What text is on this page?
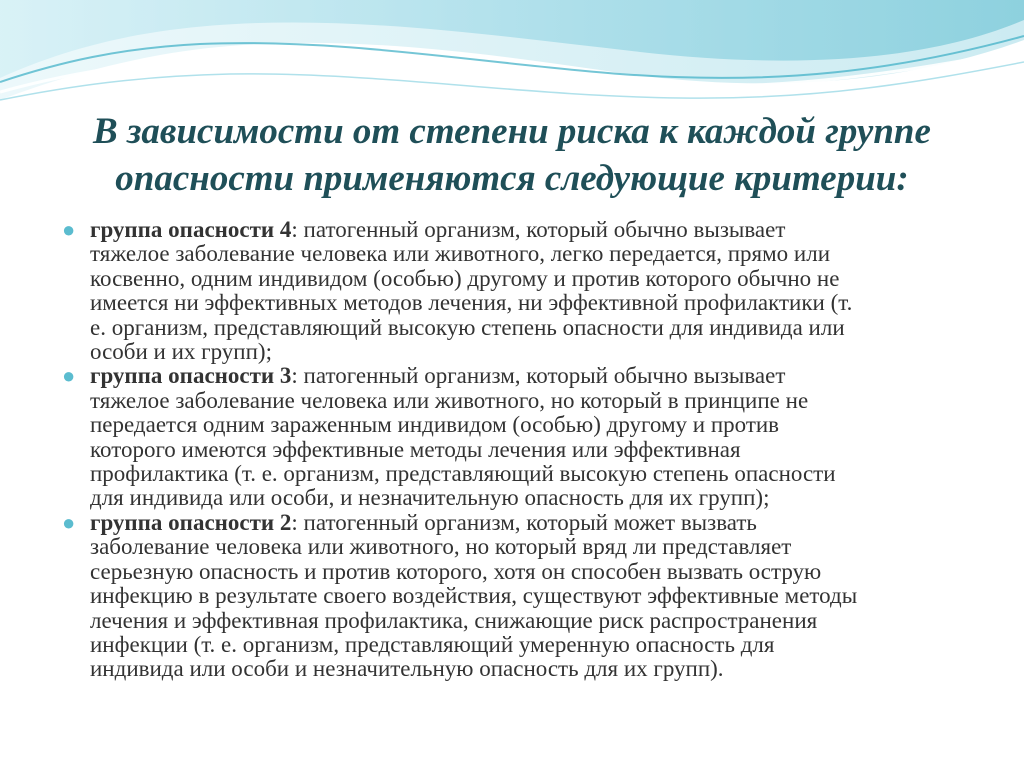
В зависимости от степени риска к каждой группе
опасности применяются следующие критерии:
● группа опасности 4: патогенный организм, который обычно вызывает
тяжелое заболевание человека или животного, легко передается, прямо или
косвенно, одним индивидом (особью) другому и против которого обычно не
имеется ни эффективных методов лечения, ни эффективной профилактики (т.
е. организм, представляющий высокую степень опасности для индивида или
особи и их групп);
● группа опасности 3: патогенный организм, который обычно вызывает
тяжелое заболевание человека или животного, но который в принципе не
передается одним зараженным индивидом (особью) другому и против
которого имеются эффективные методы лечения или эффективная
профилактика (т. е. организм, представляющий высокую степень опасности
для индивида или особи, и незначительную опасность для их групп);
● группа опасности 2: патогенный организм, который может вызвать
заболевание человека или животного, но который вряд ли представляет
серьезную опасность и против которого, хотя он способен вызвать острую
инфекцию в результате своего воздействия, существуют эффективные методы
лечения и эффективная профилактика, снижающие риск распространения
инфекции (т. е. организм, представляющий умеренную опасность для
индивида или особи и незначительную опасность для их групп).
